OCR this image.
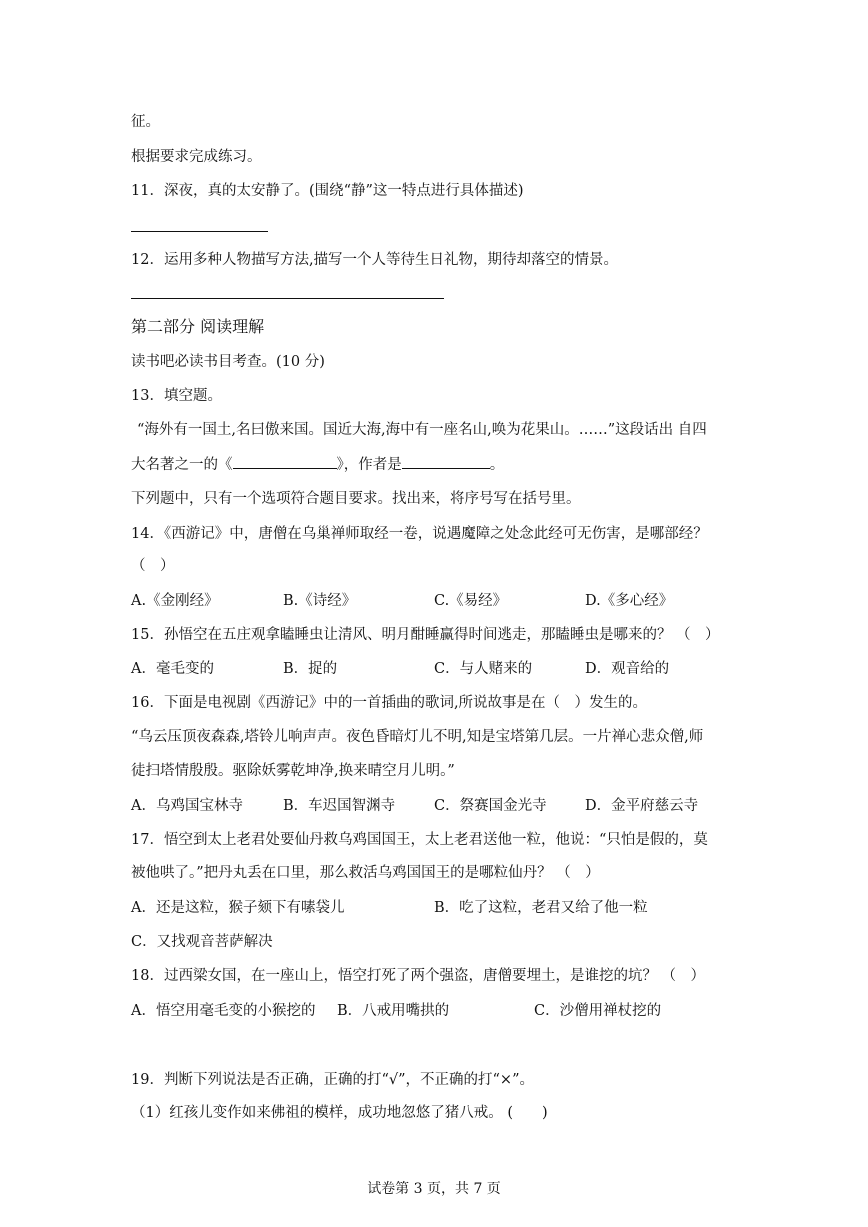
征。
根据要求完成练习。
11．深夜，真的太安静了。(围绕“静”这一特点进行具体描述)
12．运用多种人物描写方法,描写一个人等待生日礼物，期待却落空的情景。
第二部分 阅读理解
读书吧必读书目考查。(10 分)
13．填空题。
“海外有一国土,名曰傲来国。国近大海,海中有一座名山,唤为花果山。……”这段话出 自四
大名著之一的《	》，作者是	。
下列题中，只有一个选项符合题目要求。找出来，将序号写在括号里。
14．《西游记》中，唐僧在乌巢禅师取经一卷，说遇魔障之处念此经可无伤害，是哪部经？
（　）
A.《金刚经》	B.《诗经》	C.《易经》	D.《多心经》
15．孙悟空在五庄观拿瞌睡虫让清风、明月酣睡赢得时间逃走，那瞌睡虫是哪来的？ （　）
A．毫毛变的	B．捉的	C．与人赌来的	D．观音给的
16．下面是电视剧《西游记》中的一首插曲的歌词,所说故事是在（　）发生的。
“乌云压顶夜森森,塔铃儿响声声。夜色昏暗灯儿不明,知是宝塔第几层。一片禅心悲众僧,师
徒扫塔情殷殷。驱除妖雾乾坤净,换来晴空月儿明。”
A．乌鸡国宝林寺	B．车迟国智渊寺	C．祭赛国金光寺	D．金平府慈云寺
17．悟空到太上老君处要仙丹救乌鸡国国王，太上老君送他一粒，他说：“只怕是假的，莫
被他哄了。”把丹丸丢在口里，那么救活乌鸡国国王的是哪粒仙丹？ （　）
A．还是这粒，猴子颏下有嗉袋儿	B．吃了这粒，老君又给了他一粒
C．又找观音菩萨解决
18．过西梁女国，在一座山上，悟空打死了两个强盗，唐僧要埋土，是谁挖的坑？ （　）
A．悟空用毫毛变的小猴挖的 B．八戒用嘴拱的	C．沙僧用禅杖挖的
19．判断下列说法是否正确，正确的打“√”，不正确的打“×”。
（1）红孩儿变作如来佛祖的模样，成功地忽悠了猪八戒。 (　　)
试卷第 3 页，共 7 页
